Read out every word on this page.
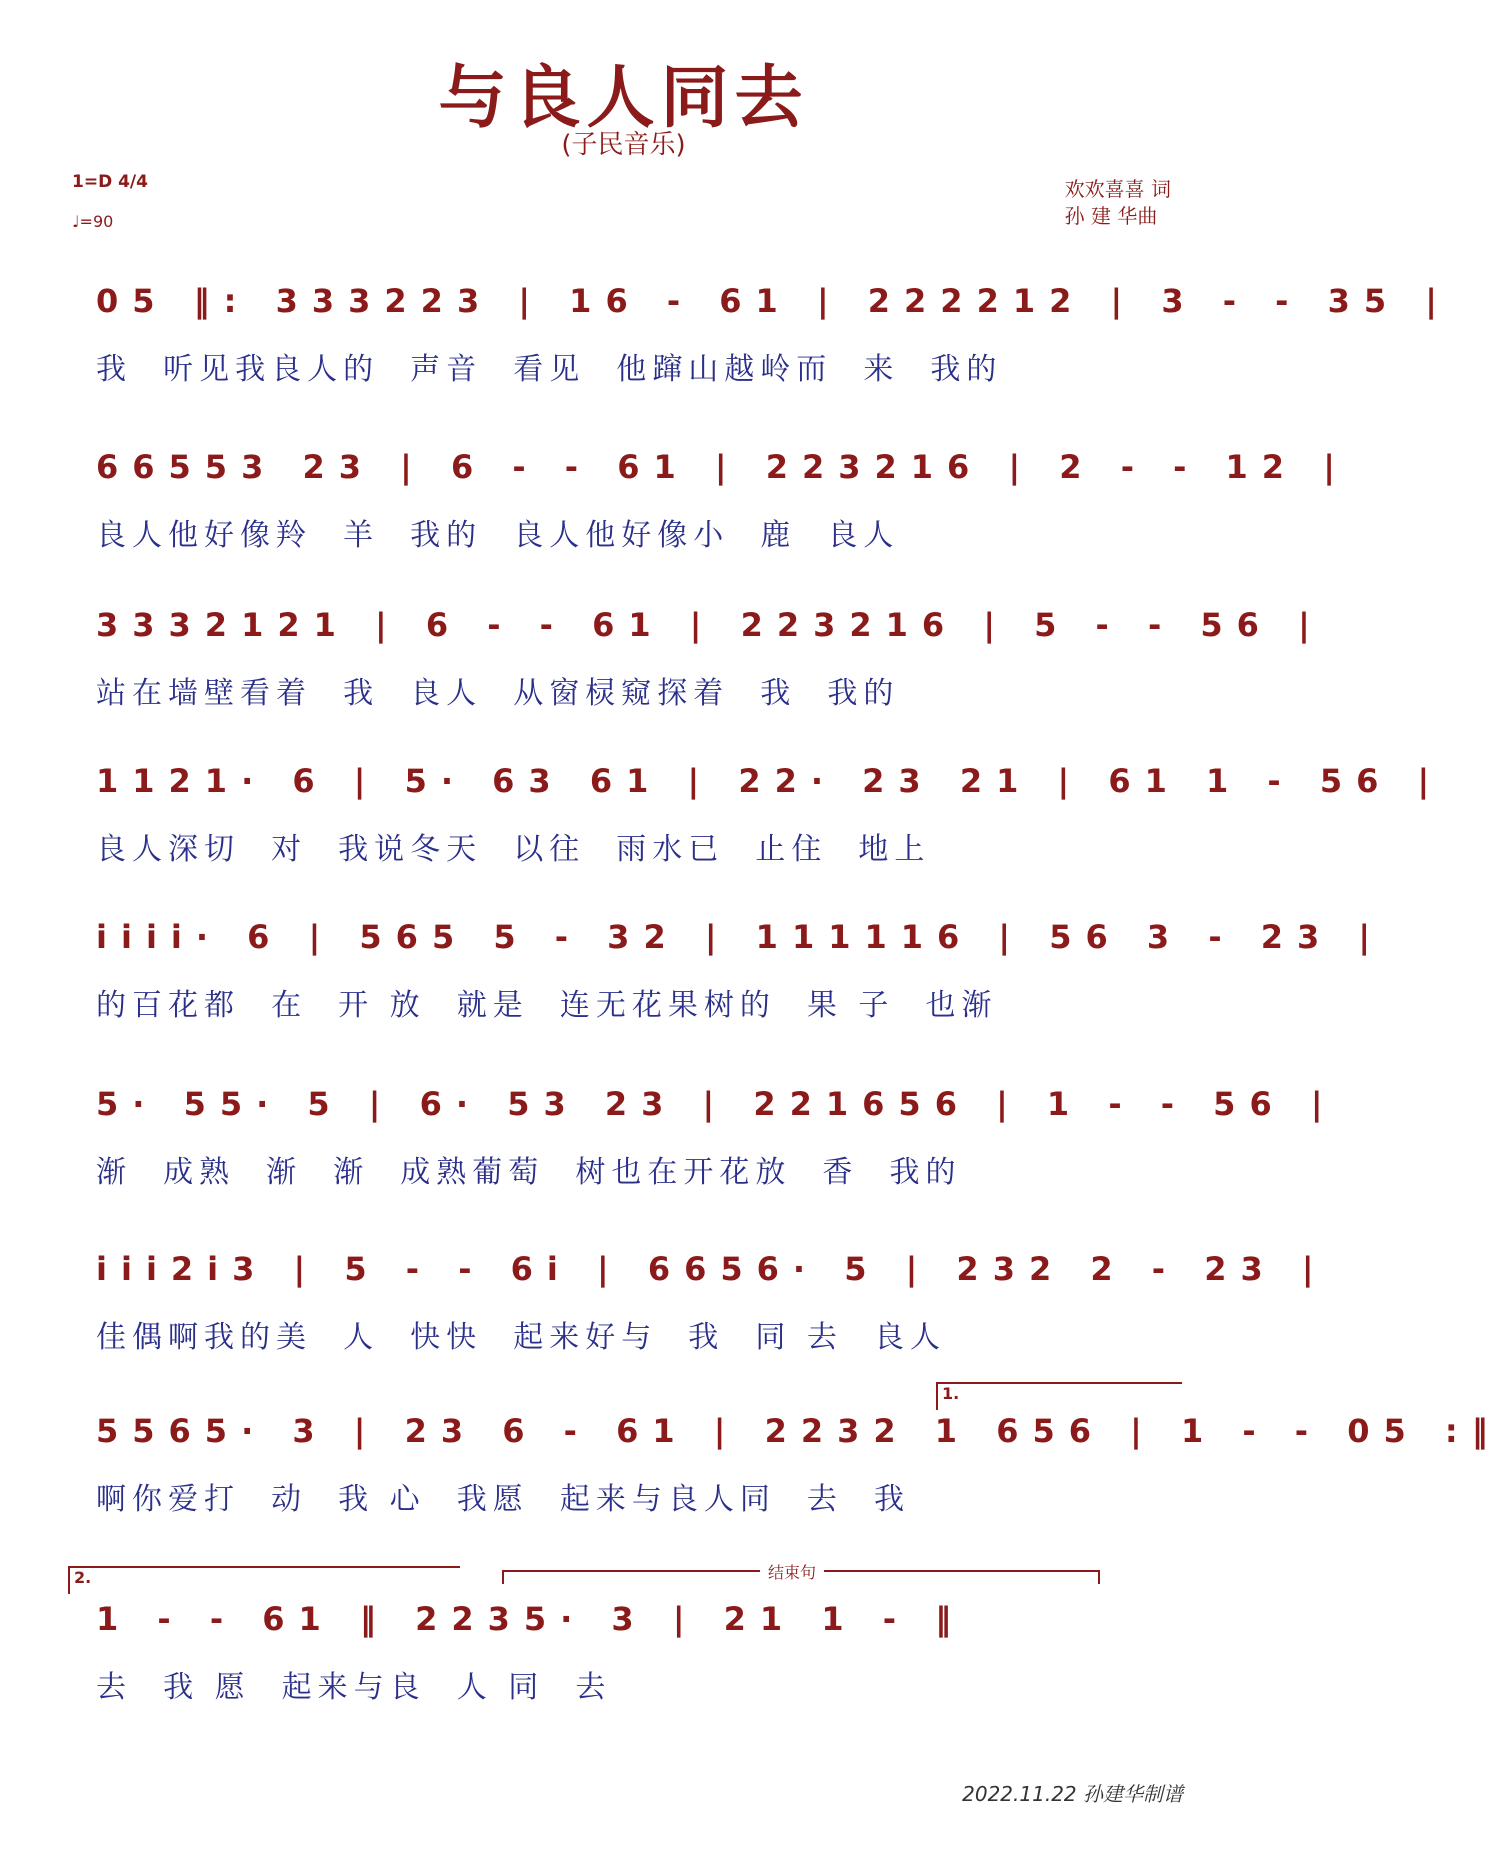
与良人同去
(子民音乐)
1=D 4/4
♩=90
欢欢喜喜 词
孙 建 华曲
05 ‖: 333223 | 16 - 61 | 222212 | 3 - - 35 |
我  听见我良人的  声音  看见  他蹿山越岭而  来  我的
66553 23 | 6 - - 61 | 223216 | 2 - - 12 |
良人他好像羚  羊  我的  良人他好像小  鹿  良人
3332121 | 6 - - 61 | 223216 | 5 - - 56 |
站在墙壁看着  我  良人  从窗棂窥探着  我  我的
1121· 6 | 5· 63 61 | 22· 23 21 | 61 1 - 56 |
良人深切  对  我说冬天  以往  雨水已  止住  地上
iiii· 6 | 565 5 - 32 | 111116 | 56 3 - 23 |
的百花都  在  开 放  就是  连无花果树的  果 子  也渐
5· 55· 5 | 6· 53 23 | 221656 | 1 - - 56 |
渐  成熟  渐  渐  成熟葡萄  树也在开花放  香  我的
iii2i3 | 5 - - 6i | 6656· 5 | 232 2 - 23 |
佳偶啊我的美  人  快快  起来好与  我  同 去  良人
5565· 3 | 23 6 - 61 | 2232 1 656 | 1 - - 05 :‖
啊你爱打  动  我 心  我愿  起来与良人同  去  我
1 - - 61 ‖ 2235· 3 | 21 1 - ‖
去  我 愿  起来与良  人 同  去
1.
2.	结束句
2022.11.22 孙建华制谱
